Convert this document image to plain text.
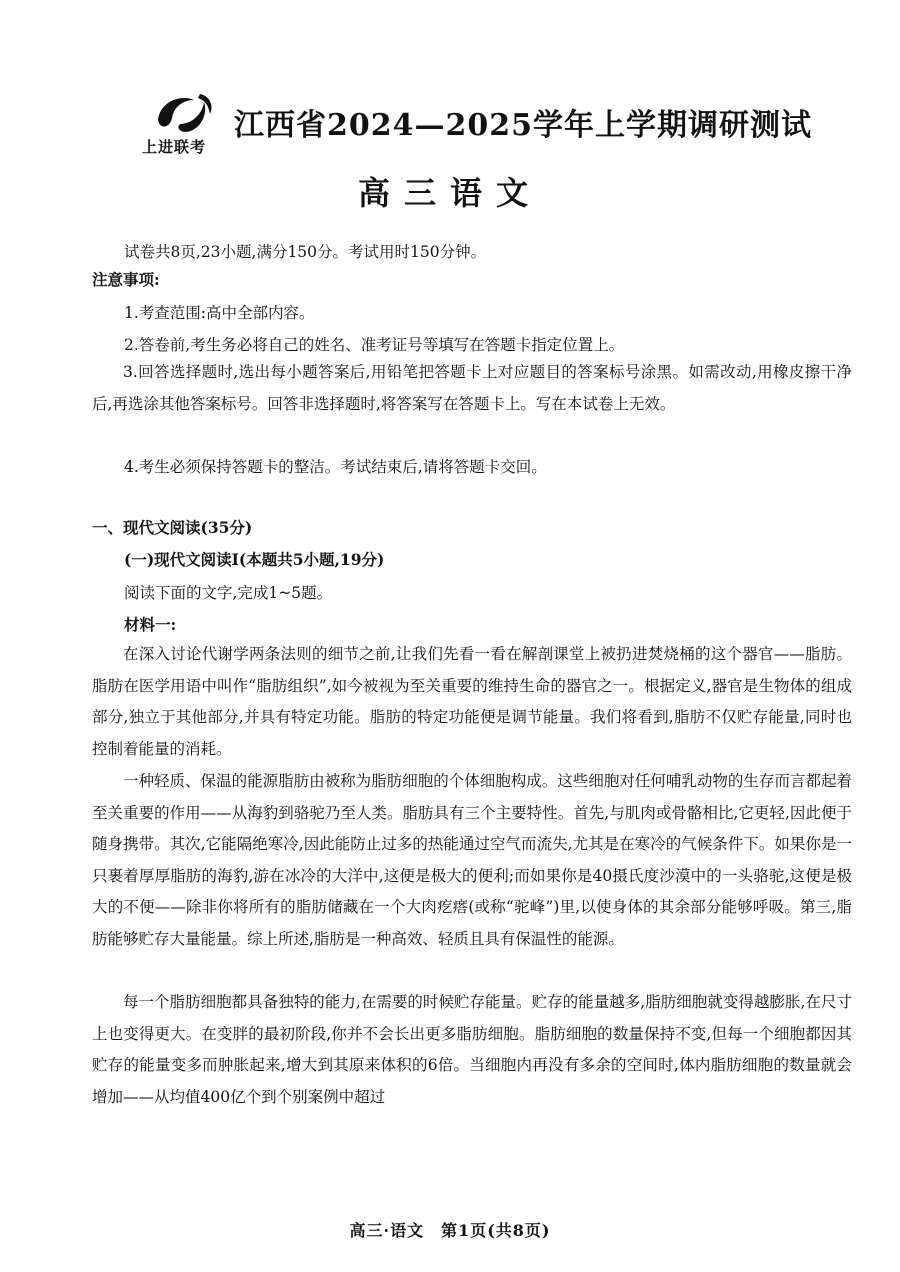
上进联考
江西省2024—2025学年上学期调研测试
高三语文
试卷共8页,23小题,满分150分。考试用时150分钟。
注意事项:
1.考查范围:高中全部内容。
2.答卷前,考生务必将自己的姓名、准考证号等填写在答题卡指定位置上。
3.回答选择题时,选出每小题答案后,用铅笔把答题卡上对应题目的答案标号涂黑。如需改动,用橡皮擦干净后,再选涂其他答案标号。回答非选择题时,将答案写在答题卡上。写在本试卷上无效。
4.考生必须保持答题卡的整洁。考试结束后,请将答题卡交回。
一、现代文阅读(35分)
(一)现代文阅读Ⅰ(本题共5小题,19分)
阅读下面的文字,完成1~5题。
材料一:
在深入讨论代谢学两条法则的细节之前,让我们先看一看在解剖课堂上被扔进焚烧桶的这个器官——脂肪。脂肪在医学用语中叫作“脂肪组织”,如今被视为至关重要的维持生命的器官之一。根据定义,器官是生物体的组成部分,独立于其他部分,并具有特定功能。脂肪的特定功能便是调节能量。我们将看到,脂肪不仅贮存能量,同时也控制着能量的消耗。
一种轻质、保温的能源脂肪由被称为脂肪细胞的个体细胞构成。这些细胞对任何哺乳动物的生存而言都起着至关重要的作用——从海豹到骆驼乃至人类。脂肪具有三个主要特性。首先,与肌肉或骨骼相比,它更轻,因此便于随身携带。其次,它能隔绝寒冷,因此能防止过多的热能通过空气而流失,尤其是在寒冷的气候条件下。如果你是一只裹着厚厚脂肪的海豹,游在冰冷的大洋中,这便是极大的便利;而如果你是40摄氏度沙漠中的一头骆驼,这便是极大的不便——除非你将所有的脂肪储藏在一个大肉疙瘩(或称“驼峰”)里,以使身体的其余部分能够呼吸。第三,脂肪能够贮存大量能量。综上所述,脂肪是一种高效、轻质且具有保温性的能源。
每一个脂肪细胞都具备独特的能力,在需要的时候贮存能量。贮存的能量越多,脂肪细胞就变得越膨胀,在尺寸上也变得更大。在变胖的最初阶段,你并不会长出更多脂肪细胞。脂肪细胞的数量保持不变,但每一个细胞都因其贮存的能量变多而肿胀起来,增大到其原来体积的6倍。当细胞内再没有多余的空间时,体内脂肪细胞的数量就会增加——从均值400亿个到个别案例中超过
高三·语文　第1页(共8页)
